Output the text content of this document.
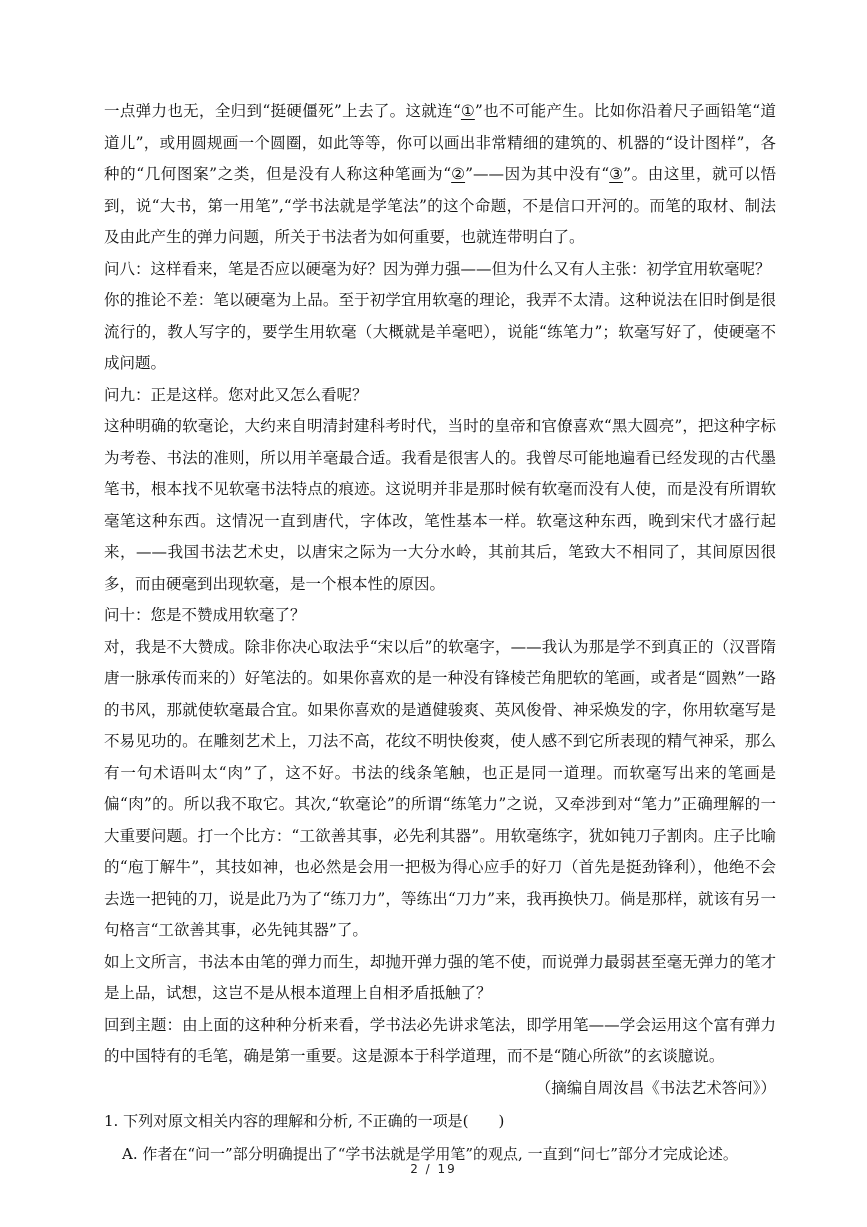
一点弹力也无，全归到“挺硬僵死”上去了。这就连“①”也不可能产生。比如你沿着尺子画铅笔“道道儿”，或用圆规画一个圆圈，如此等等，你可以画出非常精细的建筑的、机器的“设计图样”，各种的“几何图案”之类，但是没有人称这种笔画为“②”——因为其中没有“③”。由这里，就可以悟到，说“大书，第一用笔”,“学书法就是学笔法”的这个命题，不是信口开河的。而笔的取材、制法及由此产生的弹力问题，所关于书法者为如何重要，也就连带明白了。

问八：这样看来，笔是否应以硬毫为好？因为弹力强——但为什么又有人主张：初学宜用软毫呢？

你的推论不差：笔以硬毫为上品。至于初学宜用软毫的理论，我弄不太清。这种说法在旧时倒是很流行的，教人写字的，要学生用软毫（大概就是羊毫吧），说能“练笔力”；软毫写好了，使硬毫不成问题。

问九：正是这样。您对此又怎么看呢？

这种明确的软毫论，大约来自明清封建科考时代，当时的皇帝和官僚喜欢“黑大圆亮”，把这种字标为考卷、书法的准则，所以用羊毫最合适。我看是很害人的。我曾尽可能地遍看已经发现的古代墨笔书，根本找不见软毫书法特点的痕迹。这说明并非是那时候有软毫而没有人使，而是没有所谓软毫笔这种东西。这情况一直到唐代，字体改，笔性基本一样。软毫这种东西，晚到宋代才盛行起来，——我国书法艺术史，以唐宋之际为一大分水岭，其前其后，笔致大不相同了，其间原因很多，而由硬毫到出现软毫，是一个根本性的原因。

问十：您是不赞成用软毫了？

对，我是不大赞成。除非你决心取法乎“宋以后”的软毫字，——我认为那是学不到真正的（汉晋隋唐一脉承传而来的）好笔法的。如果你喜欢的是一种没有锋棱芒角肥软的笔画，或者是“圆熟”一路的书风，那就使软毫最合宜。如果你喜欢的是遒健骏爽、英风俊骨、神采焕发的字，你用软毫写是不易见功的。在雕刻艺术上，刀法不高，花纹不明快俊爽，使人感不到它所表现的精气神采，那么有一句术语叫太“肉”了，这不好。书法的线条笔触，也正是同一道理。而软毫写出来的笔画是偏“肉”的。所以我不取它。其次,“软毫论”的所谓“练笔力”之说，又牵涉到对“笔力”正确理解的一大重要问题。打一个比方：“工欲善其事，必先利其器”。用软毫练字，犹如钝刀子割肉。庄子比喻的“庖丁解牛”，其技如神，也必然是会用一把极为得心应手的好刀（首先是挺劲锋利），他绝不会去选一把钝的刀，说是此乃为了“练刀力”，等练出“刀力”来，我再换快刀。倘是那样，就该有另一句格言“工欲善其事，必先钝其器”了。

如上文所言，书法本由笔的弹力而生，却抛开弹力强的笔不使，而说弹力最弱甚至毫无弹力的笔才是上品，试想，这岂不是从根本道理上自相矛盾抵触了？

回到主题：由上面的这种种分析来看，学书法必先讲求笔法，即学用笔——学会运用这个富有弹力的中国特有的毛笔，确是第一重要。这是源本于科学道理，而不是“随心所欲”的玄谈臆说。

（摘编自周汝昌《书法艺术答问》）

1. 下列对原文相关内容的理解和分析, 不正确的一项是(　　)

A. 作者在“问一”部分明确提出了“学书法就是学用笔”的观点, 一直到“问七”部分才完成论述。

2 / 19
